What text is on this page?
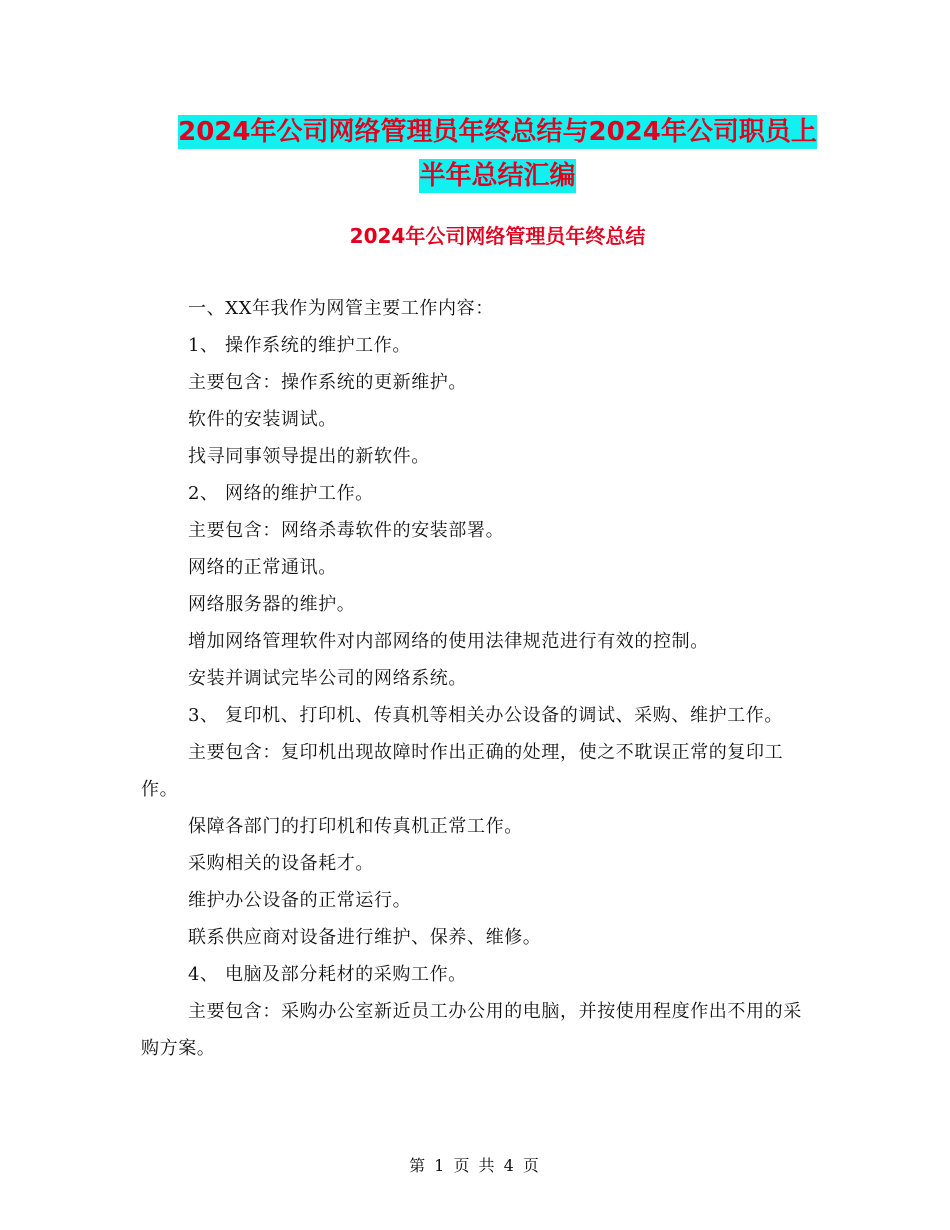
2024年公司网络管理员年终总结与2024年公司职员上
半年总结汇编
2024年公司网络管理员年终总结

一、XX年我作为网管主要工作内容：

1、 操作系统的维护工作。

主要包含：操作系统的更新维护。

软件的安装调试。

找寻同事领导提出的新软件。

2、 网络的维护工作。

主要包含：网络杀毒软件的安装部署。

网络的正常通讯。

网络服务器的维护。

增加网络管理软件对内部网络的使用法律规范进行有效的控制。

安装并调试完毕公司的网络系统。

3、 复印机、打印机、传真机等相关办公设备的调试、采购、维护工作。

主要包含：复印机出现故障时作出正确的处理，使之不耽误正常的复印工作。

保障各部门的打印机和传真机正常工作。

采购相关的设备耗才。

维护办公设备的正常运行。

联系供应商对设备进行维护、保养、维修。

4、 电脑及部分耗材的采购工作。

主要包含：采购办公室新近员工办公用的电脑，并按使用程度作出不用的采购方案。

第 1 页 共 4 页
